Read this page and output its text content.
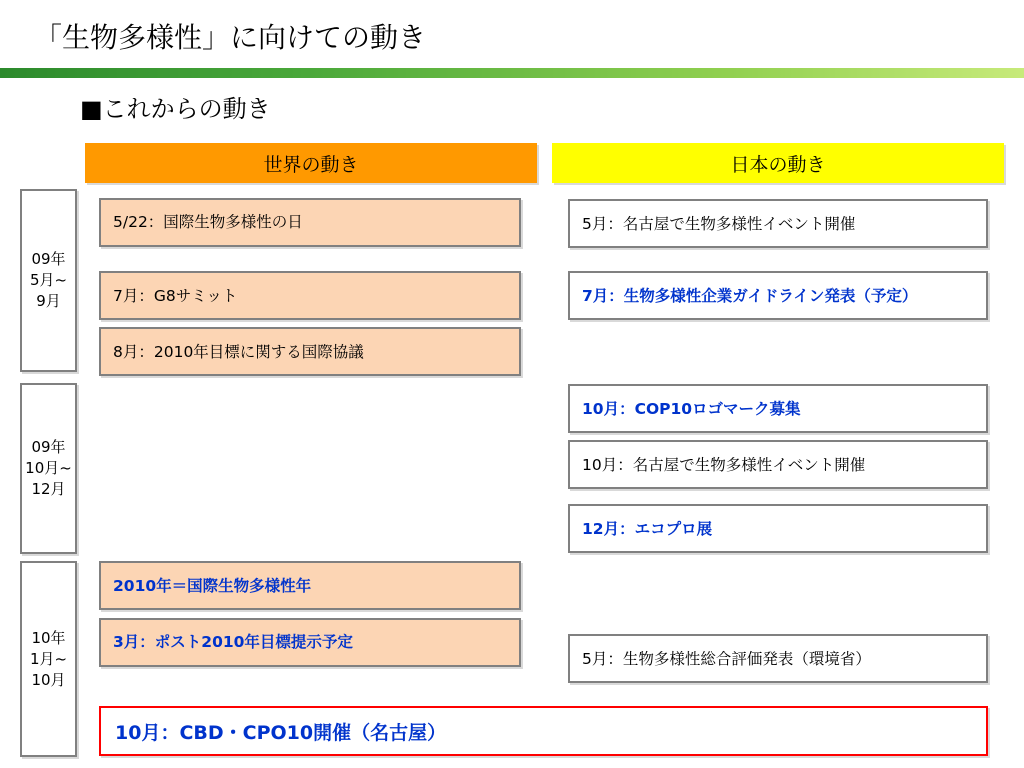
「生物多様性」に向けての動き
■これからの動き
世界の動き	日本の動き
09年
5月~
9月
09年
10月~
12月
10年
1月~
10月
5/22：国際生物多様性の日
7月：G8サミット
8月：2010年目標に関する国際協議
2010年＝国際生物多様性年
3月：ポスト2010年目標提示予定
5月：名古屋で生物多様性イベント開催
7月：生物多様性企業ガイドライン発表（予定）
10月：COP10ロゴマーク募集
10月：名古屋で生物多様性イベント開催
12月：エコプロ展
5月：生物多様性総合評価発表（環境省）
10月：CBD・CPO10開催（名古屋）
